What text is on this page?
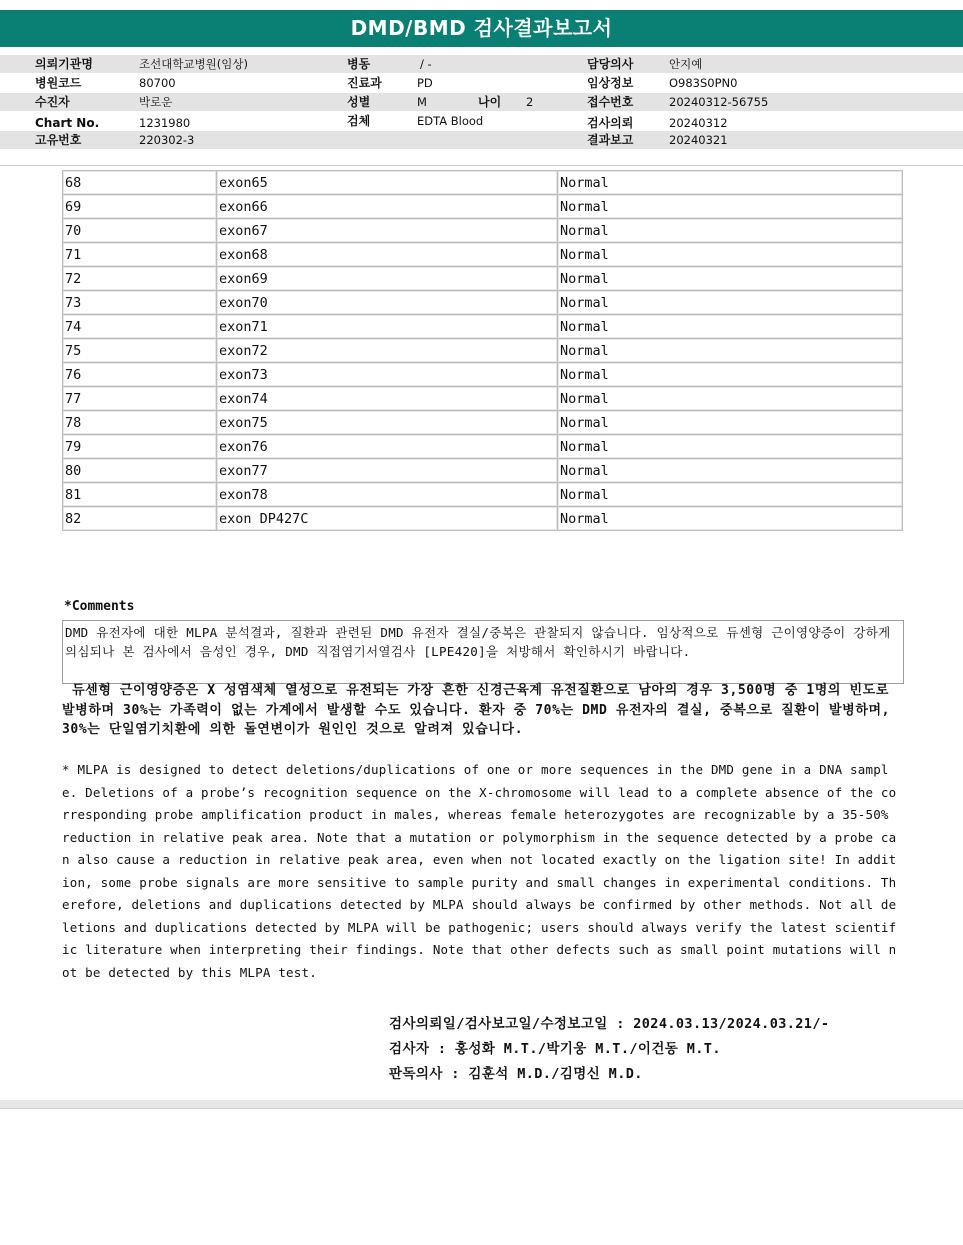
DMD/BMD 검사결과보고서
의뢰기관명	조선대학교병원(임상)
병원코드	80700
수진자	박로운
Chart No.	1231980
고유번호	220302-3
병동	/ -
진료과	PD
성별	M	나이 2
검체	EDTA Blood
담당의사	안지예
임상정보	O983S0PN0
접수번호	20240312-56755
검사의뢰	20240312
결과보고	20240321
68	exon65	Normal
69	exon66	Normal
70	exon67	Normal
71	exon68	Normal
72	exon69	Normal
73	exon70	Normal
74	exon71	Normal
75	exon72	Normal
76	exon73	Normal
77	exon74	Normal
78	exon75	Normal
79	exon76	Normal
80	exon77	Normal
81	exon78	Normal
82	exon DP427C	Normal
*Comments
DMD 유전자에 대한 MLPA 분석결과, 질환과 관련된 DMD 유전자 결실/중복은 관찰되지 않습니다. 임상적으로 듀센형 근이영양증이 강하게 의심되나 본 검사에서 음성인 경우, DMD 직접염기서열검사 [LPE420]을 처방해서 확인하시기 바랍니다.
듀센형 근이영양증은 X 성염색체 열성으로 유전되는 가장 흔한 신경근육계 유전질환으로 남아의 경우 3,500명 중 1명의 빈도로 발병하며 30%는 가족력이 없는 가계에서 발생할 수도 있습니다. 환자 중 70%는 DMD 유전자의 결실, 중복으로 질환이 발병하며, 30%는 단일염기치환에 의한 돌연변이가 원인인 것으로 알려져 있습니다.
* MLPA is designed to detect deletions/duplications of one or more sequences in the DMD gene in a DNA sample. Deletions of a probe’s recognition sequence on the X-chromosome will lead to a complete absence of the corresponding probe amplification product in males, whereas female heterozygotes are recognizable by a 35-50% reduction in relative peak area. Note that a mutation or polymorphism in the sequence detected by a probe can also cause a reduction in relative peak area, even when not located exactly on the ligation site! In addition, some probe signals are more sensitive to sample purity and small changes in experimental conditions. Therefore, deletions and duplications detected by MLPA should always be confirmed by other methods. Not all deletions and duplications detected by MLPA will be pathogenic; users should always verify the latest scientific literature when interpreting their findings. Note that other defects such as small point mutations will not be detected by this MLPA test.
검사의뢰일/검사보고일/수정보고일 : 2024.03.13/2024.03.21/-
검사자 : 홍성화 M.T./박기웅 M.T./이건동 M.T.
판독의사 : 김훈석 M.D./김명신 M.D.
